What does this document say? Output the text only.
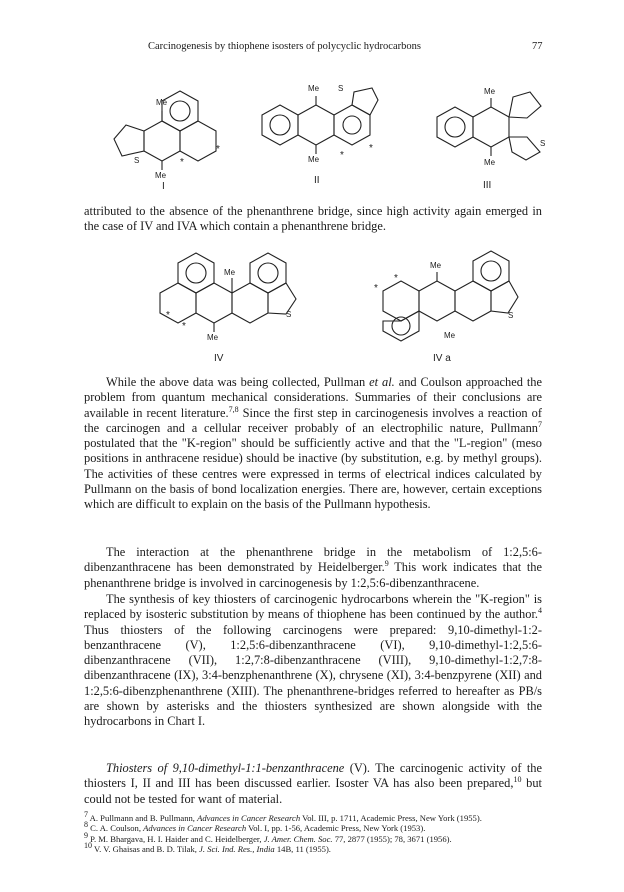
Carcinogenesis by thiophene isosters of polycyclic hydrocarbons	77
Me
S
Me
*
*
Me S
Me *
*
II
Me
S
Me
III
I
Me
S
Me
*
*
IV
Me
S
Me
*
*
IV a
attributed to the absence of the phenanthrene bridge, since high activity again emerged in the case of IV and IVA which contain a phenanthrene bridge.
While the above data was being collected, Pullman et al. and Coulson approached the problem from quantum mechanical considerations. Summaries of their conclusions are available in recent literature.$^{7,8}$ Since the first step in carcinogenesis involves a reaction of the carcinogen and a cellular receiver probably of an electrophilic nature, Pullmann$^7$ postulated that the "K-region" should be sufficiently active and that the "L-region" (meso positions in anthracene residue) should be inactive (by substitution, e.g. by methyl groups). The activities of these centres were expressed in terms of electrical indices calculated by Pullmann on the basis of bond localization energies. There are, however, certain exceptions which are difficult to explain on the basis of the Pullmann hypothesis.
The interaction at the phenanthrene bridge in the metabolism of 1:2,5:6-dibenzanthracene has been demonstrated by Heidelberger.$^9$ This work indicates that the phenanthrene bridge is involved in carcinogenesis by 1:2,5:6-dibenzanthracene.
The synthesis of key thiosters of carcinogenic hydrocarbons wherein the "K-region" is replaced by isosteric substitution by means of thiophene has been continued by the author.$^4$ Thus thiosters of the following carcinogens were prepared: 9,10-dimethyl-1:2-benzanthracene (V), 1:2,5:6-dibenzanthracene (VI), 9,10-dimethyl-1:2,5:6-dibenzanthracene (VII), 1:2,7:8-dibenzanthracene (VIII), 9,10-dimethyl-1:2,7:8-dibenzanthracene (IX), 3:4-benzphenanthrene (X), chrysene (XI), 3:4-benzpyrene (XII) and 1:2,5:6-dibenzphenanthrene (XIII). The phenanthrene-bridges referred to hereafter as PB/s are shown by asterisks and the thiosters synthesized are shown alongside with the hydrocarbons in Chart I.
Thiosters of 9,10-dimethyl-1:1-benzanthracene (V). The carcinogenic activity of the thiosters I, II and III has been discussed earlier. Isoster VA has also been prepared,$^{10}$ but could not be tested for want of material.
$^7$ A. Pullmann and B. Pullmann, Advances in Cancer Research Vol. III, p. 1711, Academic Press, New York (1955).
$^8$ C. A. Coulson, Advances in Cancer Research Vol. I, pp. 1-56, Academic Press, New York (1953).
$^9$ P. M. Bhargava, H. I. Haider and C. Heidelberger, J. Amer. Chem. Soc. 77, 2877 (1955); 78, 3671 (1956).
$^{10}$ V. V. Ghaisas and B. D. Tilak, J. Sci. Ind. Res., India 14B, 11 (1955).
